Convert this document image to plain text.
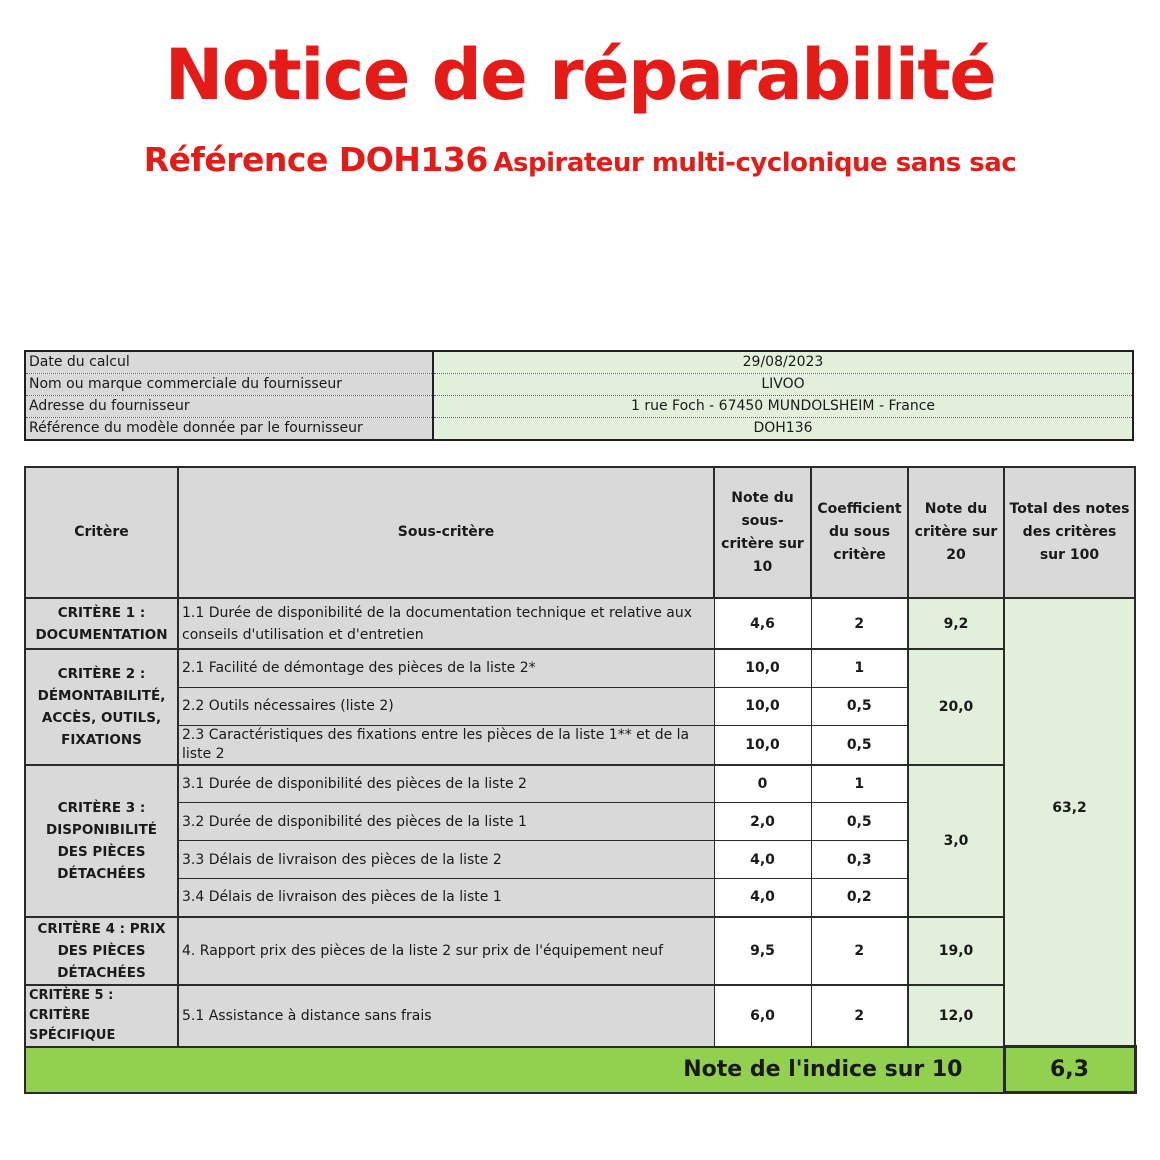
Notice de réparabilité
Référence DOH136 Aspirateur multi-cyclonique sans sac
Date du calcul	29/08/2023
Nom ou marque commerciale du fournisseur	LIVOO
Adresse du fournisseur	1 rue Foch - 67450 MUNDOLSHEIM - France
Référence du modèle donnée par le fournisseur	DOH136
Critère	Sous-critère	Note du sous-critère sur 10	Coefficient du sous critère	Note du critère sur 20	Total des notes des critères sur 100
CRITÈRE 1 : DOCUMENTATION	1.1 Durée de disponibilité de la documentation technique et relative aux conseils d'utilisation et d'entretien	4,6	2	9,2	63,2
CRITÈRE 2 : DÉMONTABILITÉ, ACCÈS, OUTILS, FIXATIONS	2.1 Facilité de démontage des pièces de la liste 2*	10,0	1	20,0	
	2.2 Outils nécessaires (liste 2)	10,0	0,5		
	2.3 Caractéristiques des fixations entre les pièces de la liste 1** et de la liste 2	10,0	0,5		
CRITÈRE 3 : DISPONIBILITÉ DES PIÈCES DÉTACHÉES	3.1 Durée de disponibilité des pièces de la liste 2	0	1	3,0	
	3.2 Durée de disponibilité des pièces de la liste 1	2,0	0,5		
	3.3 Délais de livraison des pièces de la liste 2	4,0	0,3		
	3.4 Délais de livraison des pièces de la liste 1	4,0	0,2		
CRITÈRE 4 : PRIX DES PIÈCES DÉTACHÉES	4. Rapport prix des pièces de la liste 2 sur prix de l'équipement neuf	9,5	2	19,0	
CRITÈRE 5 : CRITÈRE SPÉCIFIQUE	5.1 Assistance à distance sans frais	6,0	2	12,0	
Note de l'indice sur 10					6,3
